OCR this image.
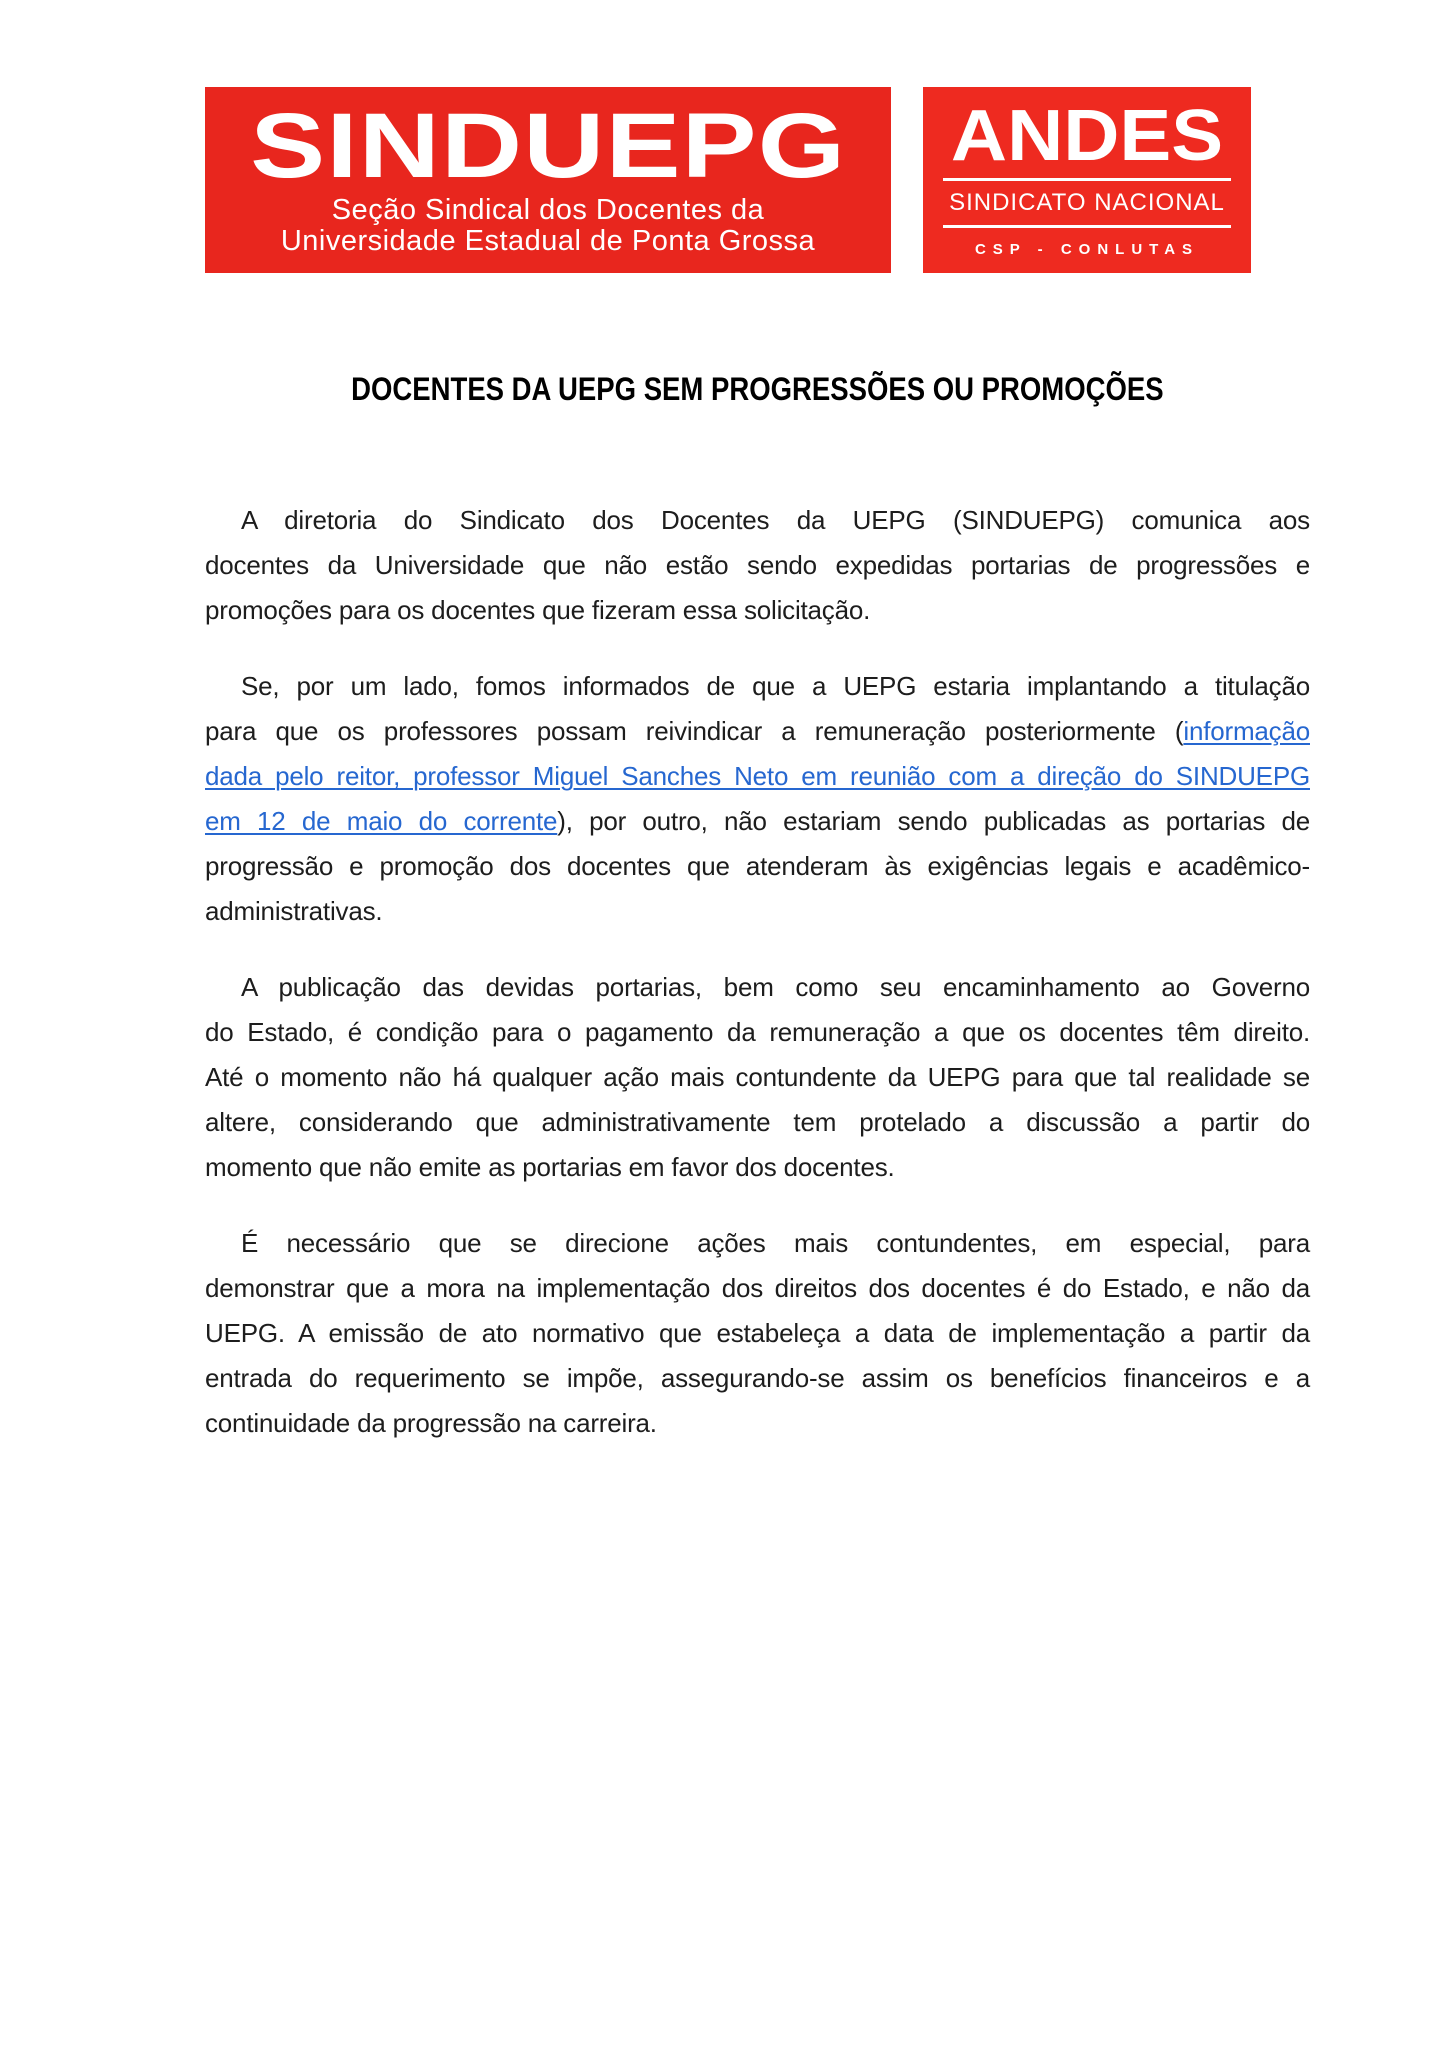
SINDUEPG
Seção Sindical dos Docentes da
Universidade Estadual de Ponta Grossa
ANDES
SINDICATO NACIONAL
CSP - CONLUTAS
DOCENTES DA UEPG SEM PROGRESSÕES OU PROMOÇÕES
A diretoria do Sindicato dos Docentes da UEPG (SINDUEPG) comunica aos
docentes da Universidade que não estão sendo expedidas portarias de progressões e
promoções para os docentes que fizeram essa solicitação.
Se, por um lado, fomos informados de que a UEPG estaria implantando a titulação
para que os professores possam reivindicar a remuneração posteriormente (informação
dada pelo reitor, professor Miguel Sanches Neto em reunião com a direção do SINDUEPG
em 12 de maio do corrente), por outro, não estariam sendo publicadas as portarias de
progressão e promoção dos docentes que atenderam às exigências legais e acadêmico-
administrativas.
A publicação das devidas portarias, bem como seu encaminhamento ao Governo
do Estado, é condição para o pagamento da remuneração a que os docentes têm direito.
Até o momento não há qualquer ação mais contundente da UEPG para que tal realidade se
altere, considerando que administrativamente tem protelado a discussão a partir do
momento que não emite as portarias em favor dos docentes.
É necessário que se direcione ações mais contundentes, em especial, para
demonstrar que a mora na implementação dos direitos dos docentes é do Estado, e não da
UEPG. A emissão de ato normativo que estabeleça a data de implementação a partir da
entrada do requerimento se impõe, assegurando-se assim os benefícios financeiros e a
continuidade da progressão na carreira.
